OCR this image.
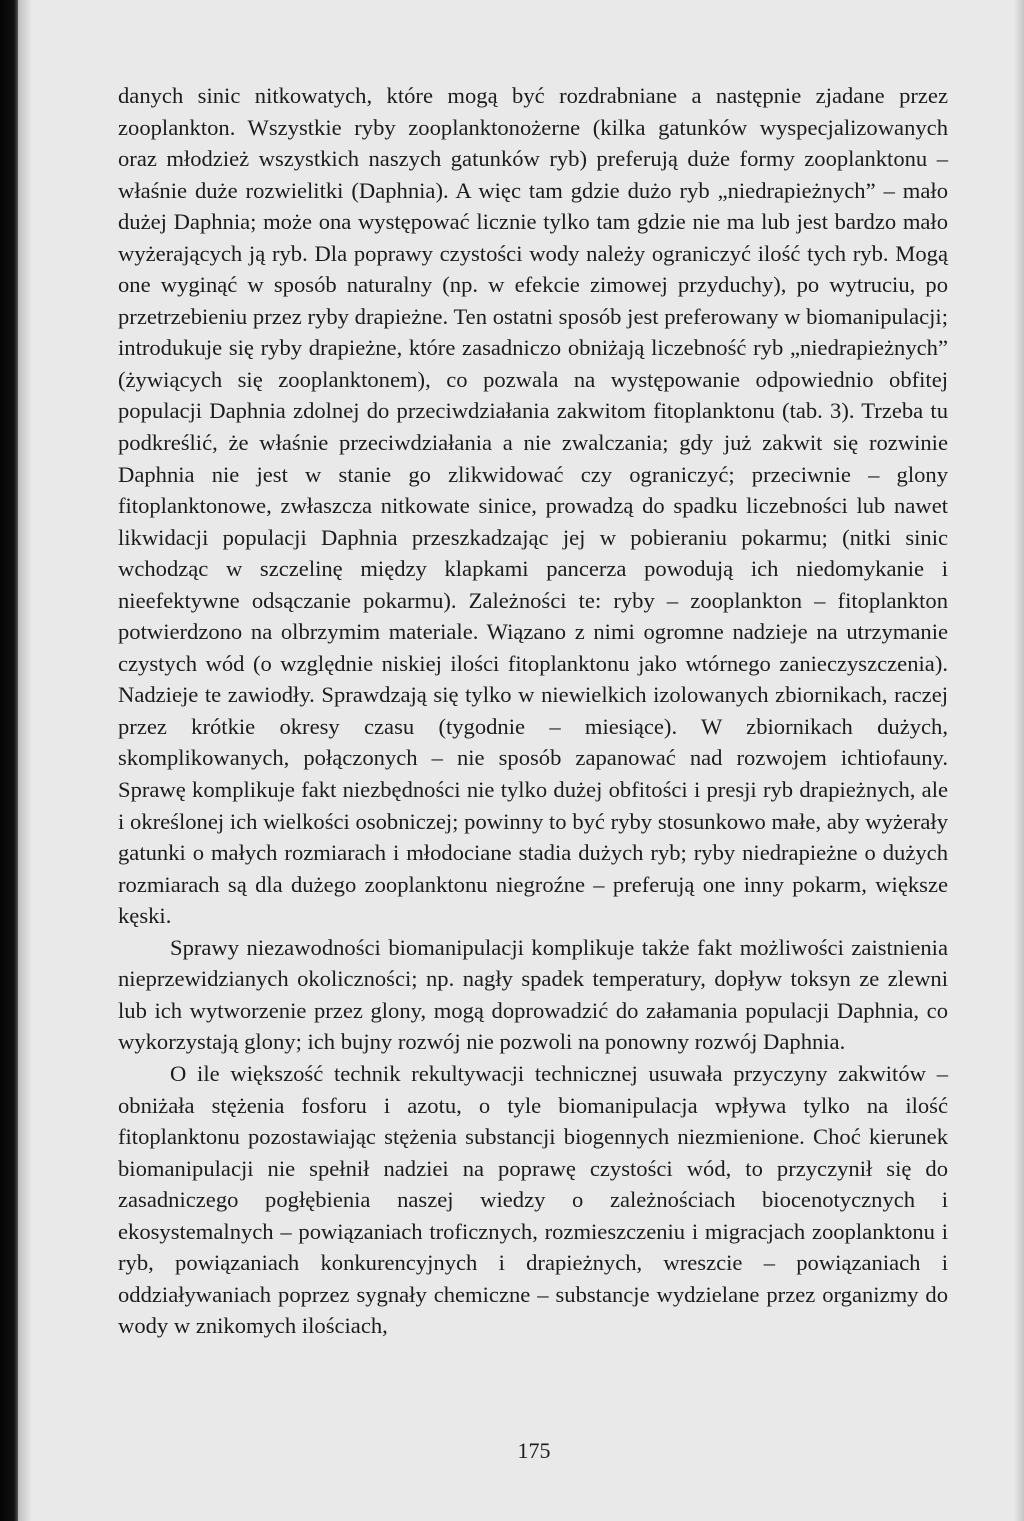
danych sinic nitkowatych, które mogą być rozdrabniane a następnie zjadane przez zooplankton. Wszystkie ryby zooplanktonożerne (kilka gatunków wyspecjalizowanych oraz młodzież wszystkich naszych gatunków ryb) preferują duże formy zooplanktonu – właśnie duże rozwielitki (Daphnia). A więc tam gdzie dużo ryb „niedrapieżnych” – mało dużej Daphnia; może ona występować licznie tylko tam gdzie nie ma lub jest bardzo mało wyżerających ją ryb. Dla poprawy czystości wody należy ograniczyć ilość tych ryb. Mogą one wyginąć w sposób naturalny (np. w efekcie zimowej przyduchy), po wytruciu, po przetrzebieniu przez ryby drapieżne. Ten ostatni sposób jest preferowany w biomanipulacji; introdukuje się ryby drapieżne, które zasadniczo obniżają liczebność ryb „niedrapieżnych” (żywiących się zooplanktonem), co pozwala na występowanie odpowiednio obfitej populacji Daphnia zdolnej do przeciwdziałania zakwitom fitoplanktonu (tab. 3). Trzeba tu podkreślić, że właśnie przeciwdziałania a nie zwalczania; gdy już zakwit się rozwinie Daphnia nie jest w stanie go zlikwidować czy ograniczyć; przeciwnie – glony fitoplanktonowe, zwłaszcza nitkowate sinice, prowadzą do spadku liczebności lub nawet likwidacji populacji Daphnia przeszkadzając jej w pobieraniu pokarmu; (nitki sinic wchodząc w szczelinę między klapkami pancerza powodują ich niedomykanie i nieefektywne odsączanie pokarmu). Zależności te: ryby – zooplankton – fitoplankton potwierdzono na olbrzymim materiale. Wiązano z nimi ogromne nadzieje na utrzymanie czystych wód (o względnie niskiej ilości fitoplanktonu jako wtórnego zanieczyszczenia). Nadzieje te zawiodły. Sprawdzają się tylko w niewielkich izolowanych zbiornikach, raczej przez krótkie okresy czasu (tygodnie – miesiące). W zbiornikach dużych, skomplikowanych, połączonych – nie sposób zapanować nad rozwojem ichtiofauny. Sprawę komplikuje fakt niezbędności nie tylko dużej obfitości i presji ryb drapieżnych, ale i określonej ich wielkości osobniczej; powinny to być ryby stosunkowo małe, aby wyżerały gatunki o małych rozmiarach i młodociane stadia dużych ryb; ryby niedrapieżne o dużych rozmiarach są dla dużego zooplanktonu niegroźne – preferują one inny pokarm, większe kęski.

Sprawy niezawodności biomanipulacji komplikuje także fakt możliwości zaistnienia nieprzewidzianych okoliczności; np. nagły spadek temperatury, dopływ toksyn ze zlewni lub ich wytworzenie przez glony, mogą doprowadzić do załamania populacji Daphnia, co wykorzystają glony; ich bujny rozwój nie pozwoli na ponowny rozwój Daphnia.

O ile większość technik rekultywacji technicznej usuwała przyczyny zakwitów – obniżała stężenia fosforu i azotu, o tyle biomanipulacja wpływa tylko na ilość fitoplanktonu pozostawiając stężenia substancji biogennych niezmienione. Choć kierunek biomanipulacji nie spełnił nadziei na poprawę czystości wód, to przyczynił się do zasadniczego pogłębienia naszej wiedzy o zależnościach biocenotycznych i ekosystemalnych – powiązaniach troficznych, rozmieszczeniu i migracjach zooplanktonu i ryb, powiązaniach konkurencyjnych i drapieżnych, wreszcie – powiązaniach i oddziaływaniach poprzez sygnały chemiczne – substancje wydzielane przez organizmy do wody w znikomych ilościach,

175
